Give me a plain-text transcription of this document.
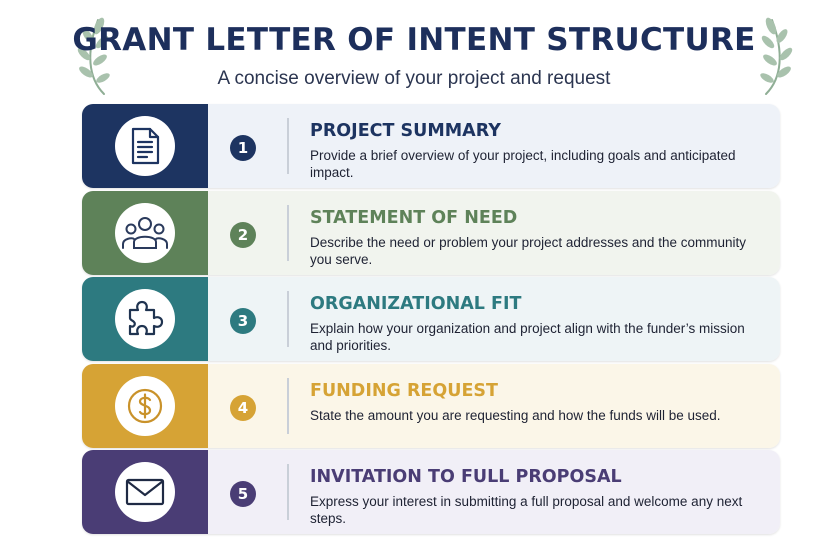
GRANT LETTER OF INTENT STRUCTURE

A concise overview of your project and request

1
PROJECT SUMMARY
Provide a brief overview of your project, including goals and anticipated impact.
2
STATEMENT OF NEED
Describe the need or problem your project addresses and the community you serve.
3
ORGANIZATIONAL FIT
Explain how your organization and project align with the funder’s mission and priorities.
4
FUNDING REQUEST
State the amount you are requesting and how the funds will be used.
5
INVITATION TO FULL PROPOSAL
Express your interest in submitting a full proposal and welcome any next steps.
